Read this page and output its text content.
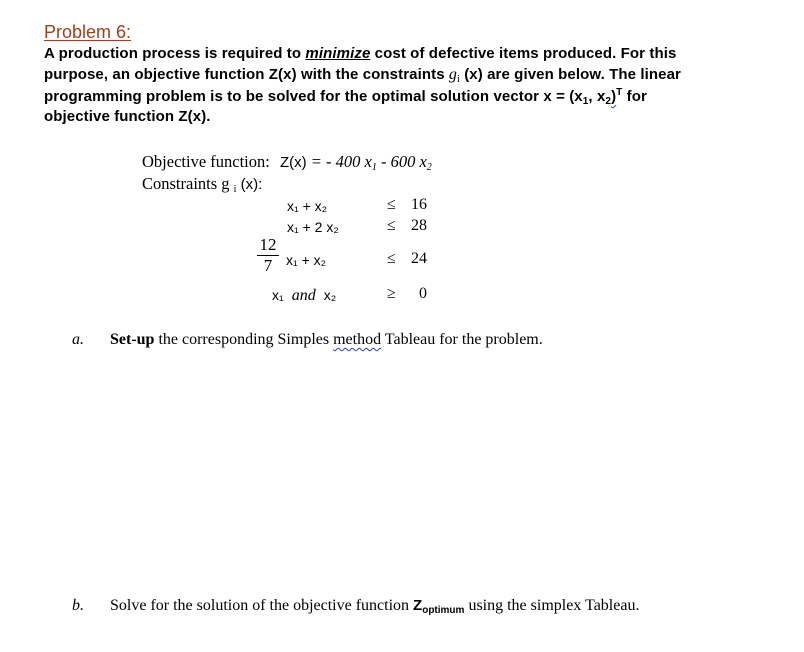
Problem 6:
A production process is required to minimize cost of defective items produced. For this
purpose, an objective function Z(x) with the constraints $g_i$ (x) are given below. The linear
programming problem is to be solved for the optimal solution vector $x = (x_1$, $x_2)^T$ for
objective function Z(x).
Objective function: Z(x) = - 400 $x_1 - 600$ $x_2$
Constraints g $_i$ (x):
x₁ + x₂	≤ 16
x₁ + 2 x₂	≤ 28
12
7 x₁ + x₂	≤ 24
x₁ and x₂	≥ 0
a. Set-up the corresponding Simples method Tableau for the problem.
b. Solve for the solution of the objective function $Z_{optimum}$ using the simplex Tableau.
